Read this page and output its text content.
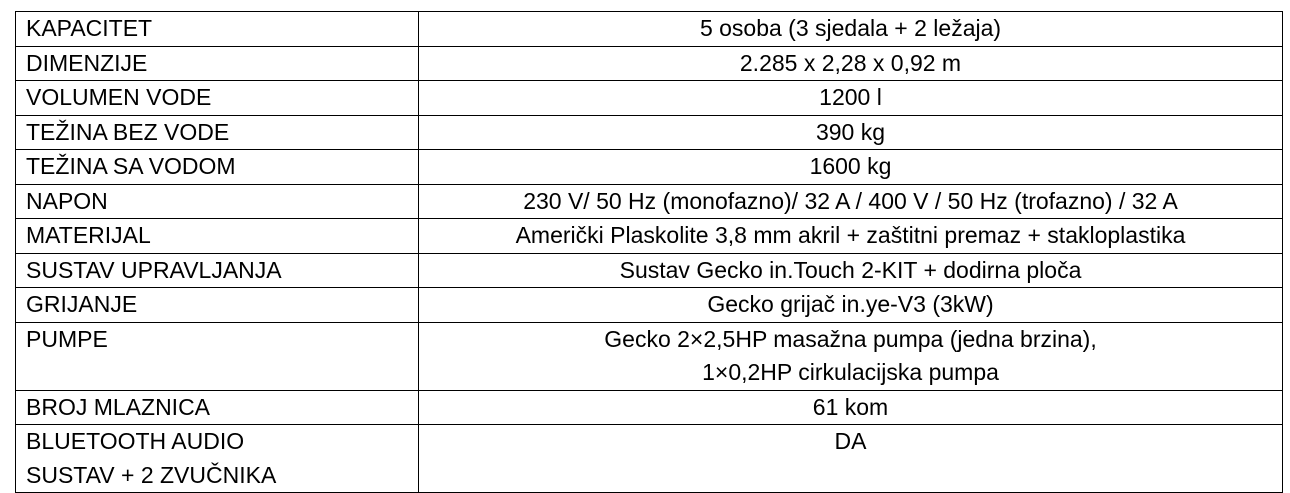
KAPACITET	5 osoba (3 sjedala + 2 ležaja)

DIMENZIJE	2.285 x 2,28 x 0,92 m

VOLUMEN VODE	1200 l

TEŽINA BEZ VODE	390 kg

TEŽINA SA VODOM	1600 kg

NAPON	230 V/ 50 Hz (monofazno)/ 32 A / 400 V / 50 Hz (trofazno) / 32 A

MATERIJAL	Američki Plaskolite 3,8 mm akril + zaštitni premaz + stakloplastika

SUSTAV UPRAVLJANJA	Sustav Gecko in.Touch 2-KIT + dodirna ploča

GRIJANJE	Gecko grijač in.ye-V3 (3kW)

PUMPE	Gecko 2×2,5HP masažna pumpa (jedna brzina),
1×0,2HP cirkulacijska pumpa

BROJ MLAZNICA	61 kom

BLUETOOTH AUDIO
SUSTAV + 2 ZVUČNIKA	DA
